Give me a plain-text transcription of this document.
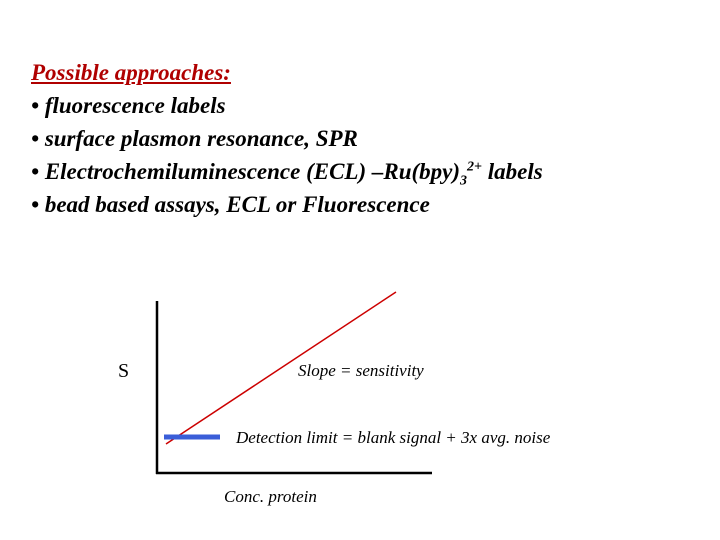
Possible approaches:
• fluorescence labels
• surface plasmon resonance, SPR
• Electrochemiluminescence (ECL) $-Ru(bpy)_3^{2+}$ labels
• bead based assays, ECL or Fluorescence
S	Slope = sensitivity
Detection limit = blank signal + 3x avg. noise
Conc. protein
